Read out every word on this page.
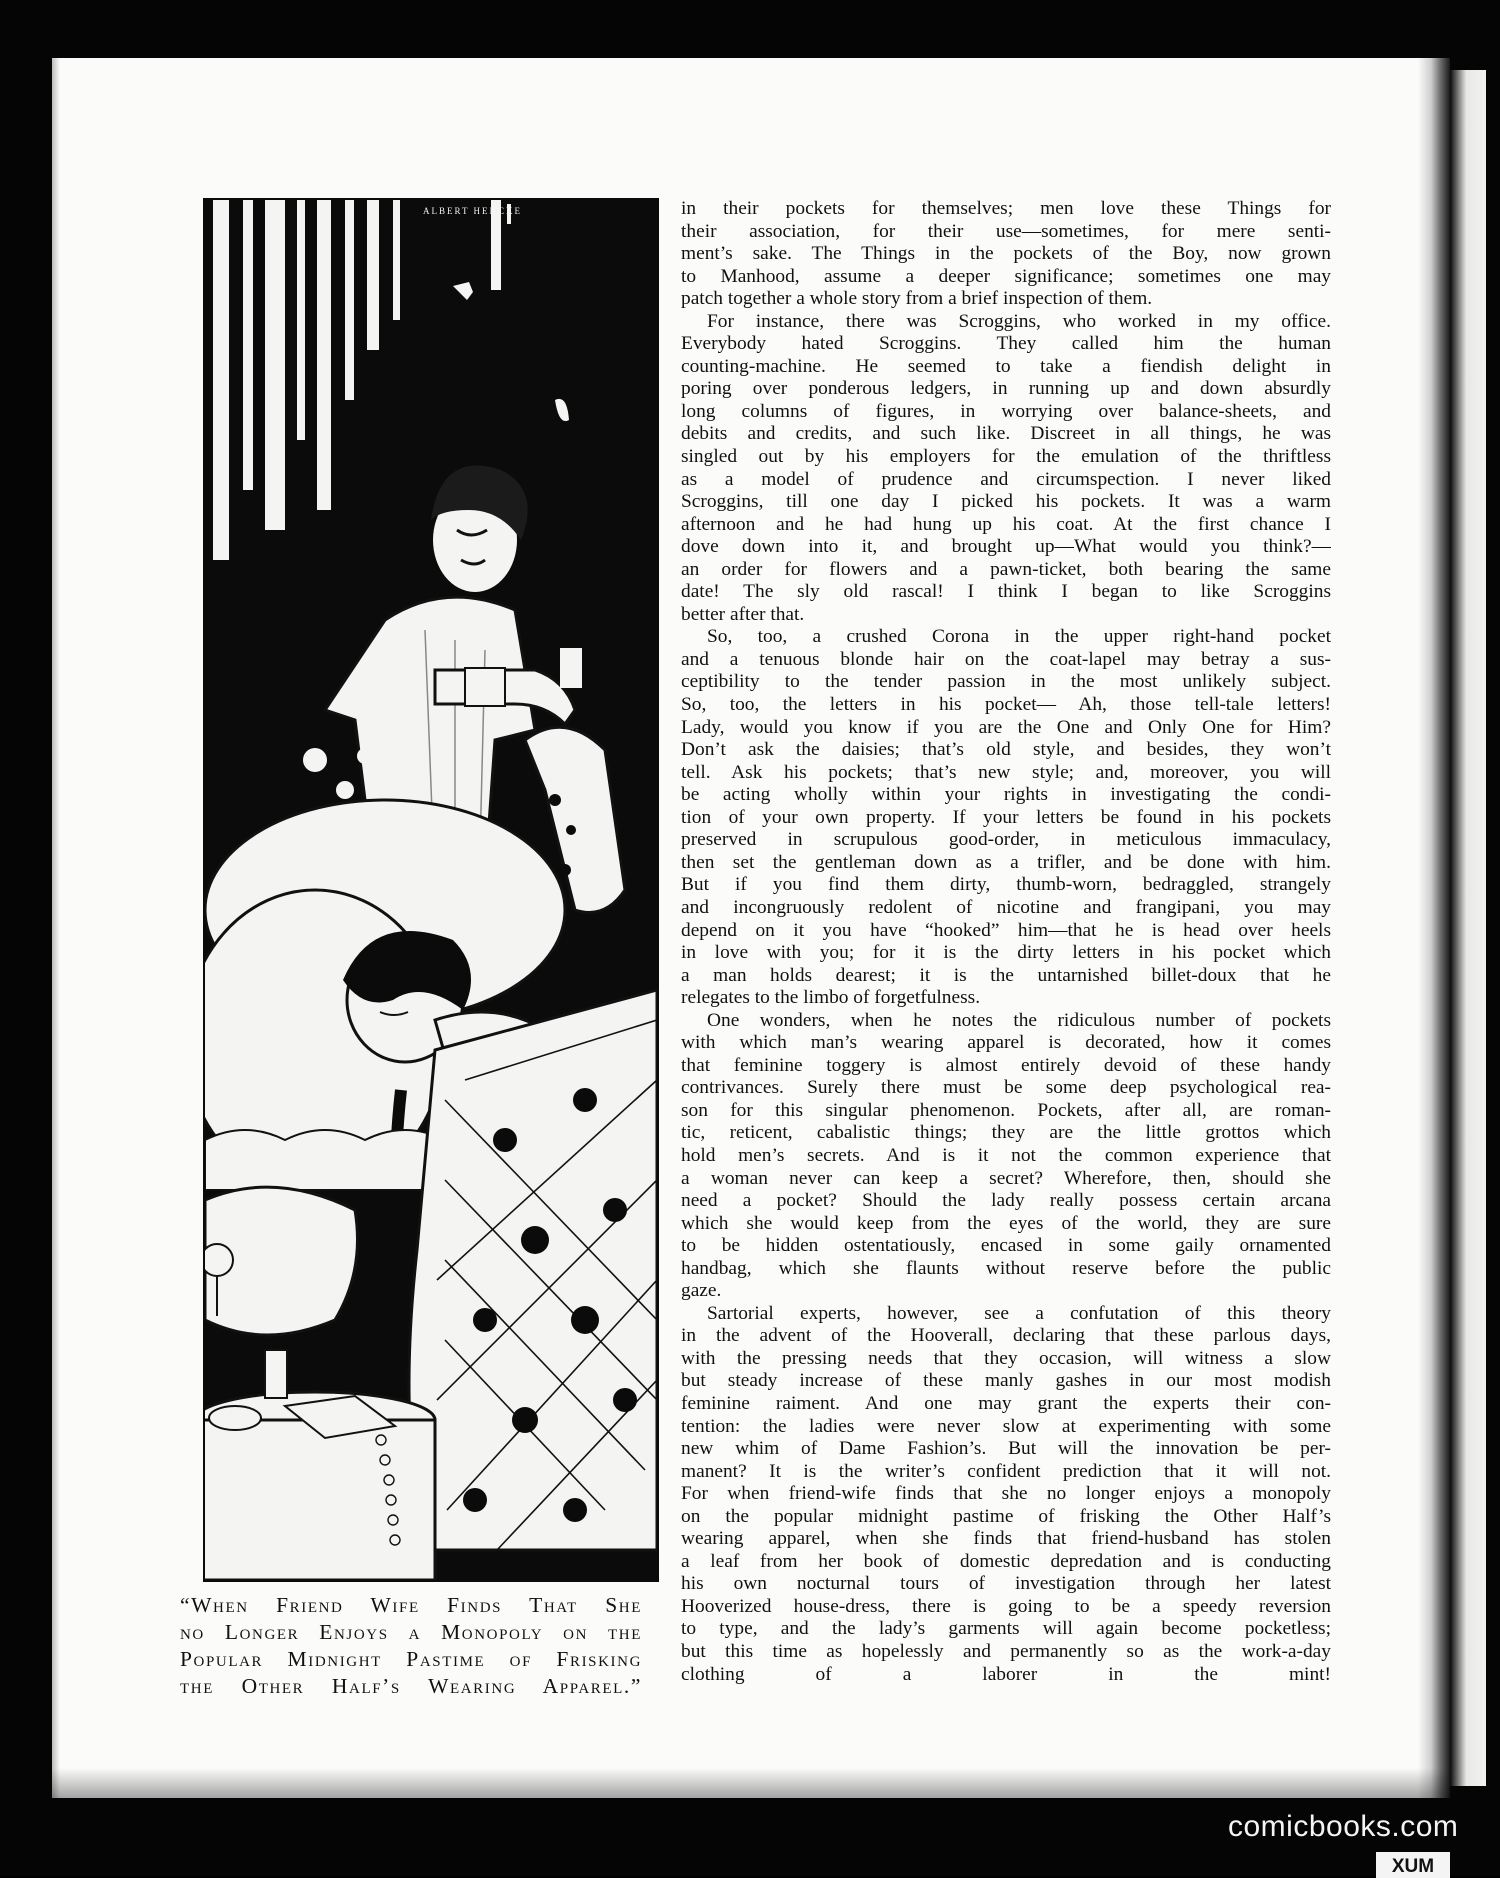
ALBERT HENCKE
“When Friend Wife Finds That She
no Longer Enjoys a Monopoly on the
Popular Midnight Pastime of Frisking
the Other Half’s Wearing Apparel.”
in their pockets for themselves; men love these Things for
their association, for their use—sometimes, for mere senti-
ment’s sake. The Things in the pockets of the Boy, now grown
to Manhood, assume a deeper significance; sometimes one may
patch together a whole story from a brief inspection of them.
For instance, there was Scroggins, who worked in my office.
Everybody hated Scroggins. They called him the human
counting-machine. He seemed to take a fiendish delight in
poring over ponderous ledgers, in running up and down absurdly
long columns of figures, in worrying over balance-sheets, and
debits and credits, and such like. Discreet in all things, he was
singled out by his employers for the emulation of the thriftless
as a model of prudence and circumspection. I never liked
Scroggins, till one day I picked his pockets. It was a warm
afternoon and he had hung up his coat. At the first chance I
dove down into it, and brought up—What would you think?—
an order for flowers and a pawn-ticket, both bearing the same
date! The sly old rascal! I think I began to like Scroggins
better after that.
So, too, a crushed Corona in the upper right-hand pocket
and a tenuous blonde hair on the coat-lapel may betray a sus-
ceptibility to the tender passion in the most unlikely subject.
So, too, the letters in his pocket— Ah, those tell-tale letters!
Lady, would you know if you are the One and Only One for Him?
Don’t ask the daisies; that’s old style, and besides, they won’t
tell. Ask his pockets; that’s new style; and, moreover, you will
be acting wholly within your rights in investigating the condi-
tion of your own property. If your letters be found in his pockets
preserved in scrupulous good-order, in meticulous immaculacy,
then set the gentleman down as a trifler, and be done with him.
But if you find them dirty, thumb-worn, bedraggled, strangely
and incongruously redolent of nicotine and frangipani, you may
depend on it you have “hooked” him—that he is head over heels
in love with you; for it is the dirty letters in his pocket which
a man holds dearest; it is the untarnished billet-doux that he
relegates to the limbo of forgetfulness.
One wonders, when he notes the ridiculous number of pockets
with which man’s wearing apparel is decorated, how it comes
that feminine toggery is almost entirely devoid of these handy
contrivances. Surely there must be some deep psychological rea-
son for this singular phenomenon. Pockets, after all, are roman-
tic, reticent, cabalistic things; they are the little grottos which
hold men’s secrets. And is it not the common experience that
a woman never can keep a secret? Wherefore, then, should she
need a pocket? Should the lady really possess certain arcana
which she would keep from the eyes of the world, they are sure
to be hidden ostentatiously, encased in some gaily ornamented
handbag, which she flaunts without reserve before the public
gaze.
Sartorial experts, however, see a confutation of this theory
in the advent of the Hooverall, declaring that these parlous days,
with the pressing needs that they occasion, will witness a slow
but steady increase of these manly gashes in our most modish
feminine raiment. And one may grant the experts their con-
tention: the ladies were never slow at experimenting with some
new whim of Dame Fashion’s. But will the innovation be per-
manent? It is the writer’s confident prediction that it will not.
For when friend-wife finds that she no longer enjoys a monopoly
on the popular midnight pastime of frisking the Other Half’s
wearing apparel, when she finds that friend-husband has stolen
a leaf from her book of domestic depredation and is conducting
his own nocturnal tours of investigation through her latest
Hooverized house-dress, there is going to be a speedy reversion
to type, and the lady’s garments will again become pocketless;
but this time as hopelessly and permanently so as the work-a-day
clothing of a laborer in the mint!
comicbooks.com
XUM
